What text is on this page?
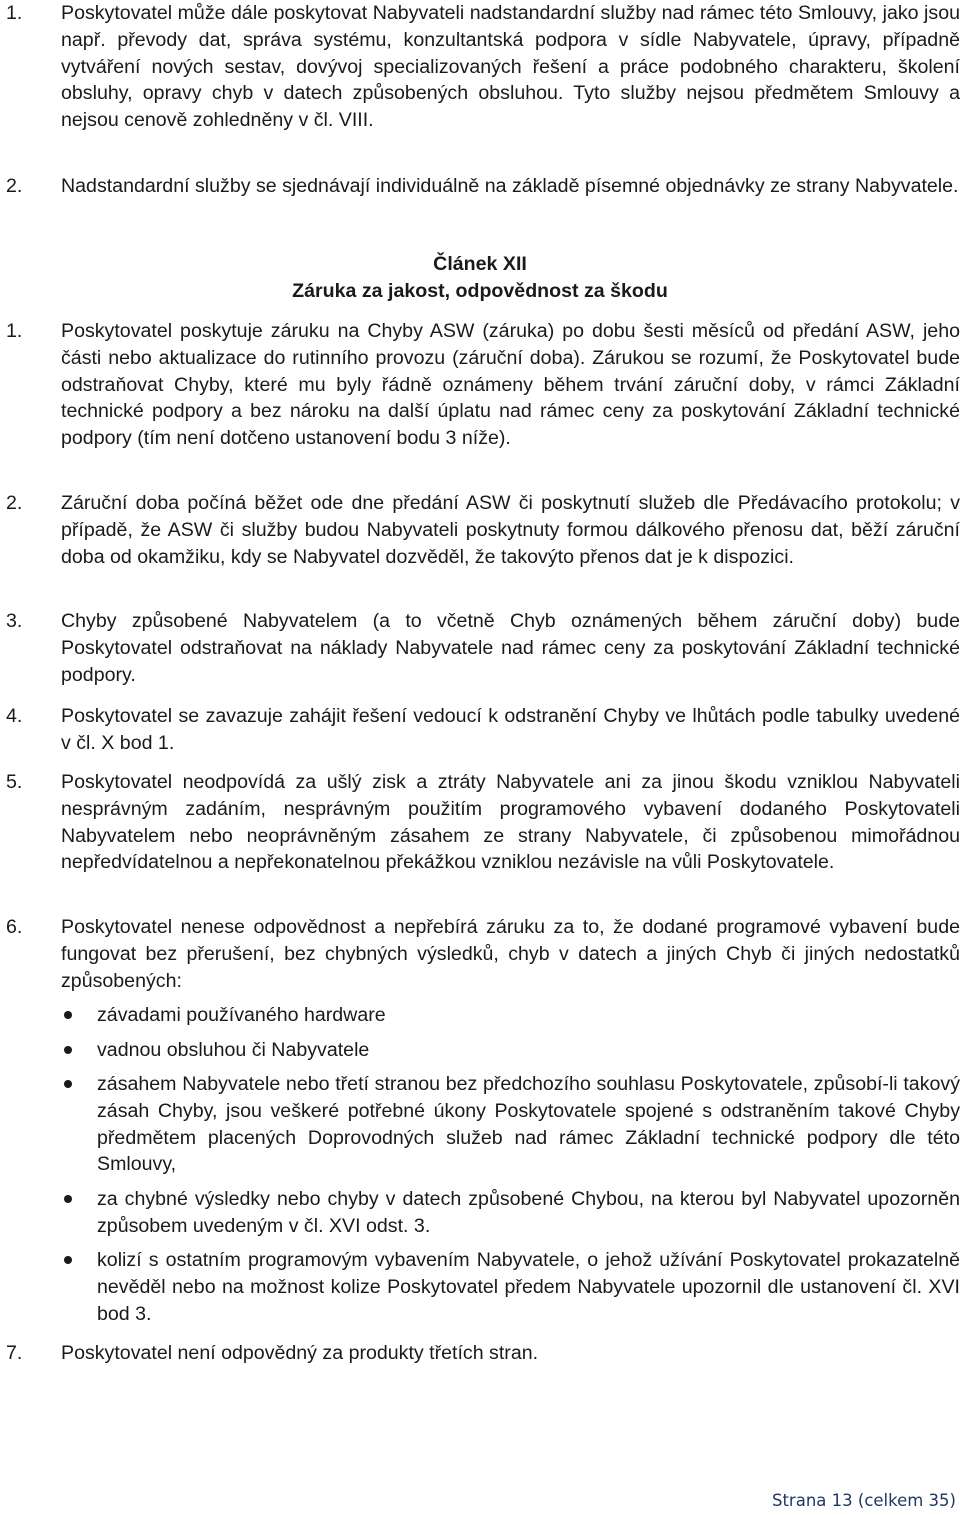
1. Poskytovatel může dále poskytovat Nabyvateli nadstandardní služby nad rámec této Smlouvy, jako jsou např. převody dat, správa systému, konzultantská podpora v sídle Nabyvatele, úpravy, případně vytváření nových sestav, dovývoj specializovaných řešení a práce podobného charakteru, školení obsluhy, opravy chyb v datech způsobených obsluhou. Tyto služby nejsou předmětem Smlouvy a nejsou cenově zohledněny v čl. VIII.
2. Nadstandardní služby se sjednávají individuálně na základě písemné objednávky ze strany Nabyvatele.
Článek XII
Záruka za jakost, odpovědnost za škodu
1. Poskytovatel poskytuje záruku na Chyby ASW (záruka) po dobu šesti měsíců od předání ASW, jeho části nebo aktualizace do rutinního provozu (záruční doba). Zárukou se rozumí, že Poskytovatel bude odstraňovat Chyby, které mu byly řádně oznámeny během trvání záruční doby, v rámci Základní technické podpory a bez nároku na další úplatu nad rámec ceny za poskytování Základní technické podpory (tím není dotčeno ustanovení bodu 3 níže).
2. Záruční doba počíná běžet ode dne předání ASW či poskytnutí služeb dle Předávacího protokolu; v případě, že ASW či služby budou Nabyvateli poskytnuty formou dálkového přenosu dat, běží záruční doba od okamžiku, kdy se Nabyvatel dozvěděl, že takovýto přenos dat je k dispozici.
3. Chyby způsobené Nabyvatelem (a to včetně Chyb oznámených během záruční doby) bude Poskytovatel odstraňovat na náklady Nabyvatele nad rámec ceny za poskytování Základní technické podpory.
4. Poskytovatel se zavazuje zahájit řešení vedoucí k odstranění Chyby ve lhůtách podle tabulky uvedené v čl. X bod 1.
5. Poskytovatel neodpovídá za ušlý zisk a ztráty Nabyvatele ani za jinou škodu vzniklou Nabyvateli nesprávným zadáním, nesprávným použitím programového vybavení dodaného Poskytovateli Nabyvatelem nebo neoprávněným zásahem ze strany Nabyvatele, či způsobenou mimořádnou nepředvídatelnou a nepřekonatelnou překážkou vzniklou nezávisle na vůli Poskytovatele.
6. Poskytovatel nenese odpovědnost a nepřebírá záruku za to, že dodané programové vybavení bude fungovat bez přerušení, bez chybných výsledků, chyb v datech a jiných Chyb či jiných nedostatků způsobených:
závadami používaného hardware
vadnou obsluhou či Nabyvatele
zásahem Nabyvatele nebo třetí stranou bez předchozího souhlasu Poskytovatele, způsobí-li takový zásah Chyby, jsou veškeré potřebné úkony Poskytovatele spojené s odstraněním takové Chyby předmětem placených Doprovodných služeb nad rámec Základní technické podpory dle této Smlouvy,
za chybné výsledky nebo chyby v datech způsobené Chybou, na kterou byl Nabyvatel upozorněn způsobem uvedeným v čl. XVI odst. 3.
kolizí s ostatním programovým vybavením Nabyvatele, o jehož užívání Poskytovatel prokazatelně nevěděl nebo na možnost kolize Poskytovatel předem Nabyvatele upozornil dle ustanovení čl. XVI bod 3.
7. Poskytovatel není odpovědný za produkty třetích stran.
Strana 13 (celkem 35)
